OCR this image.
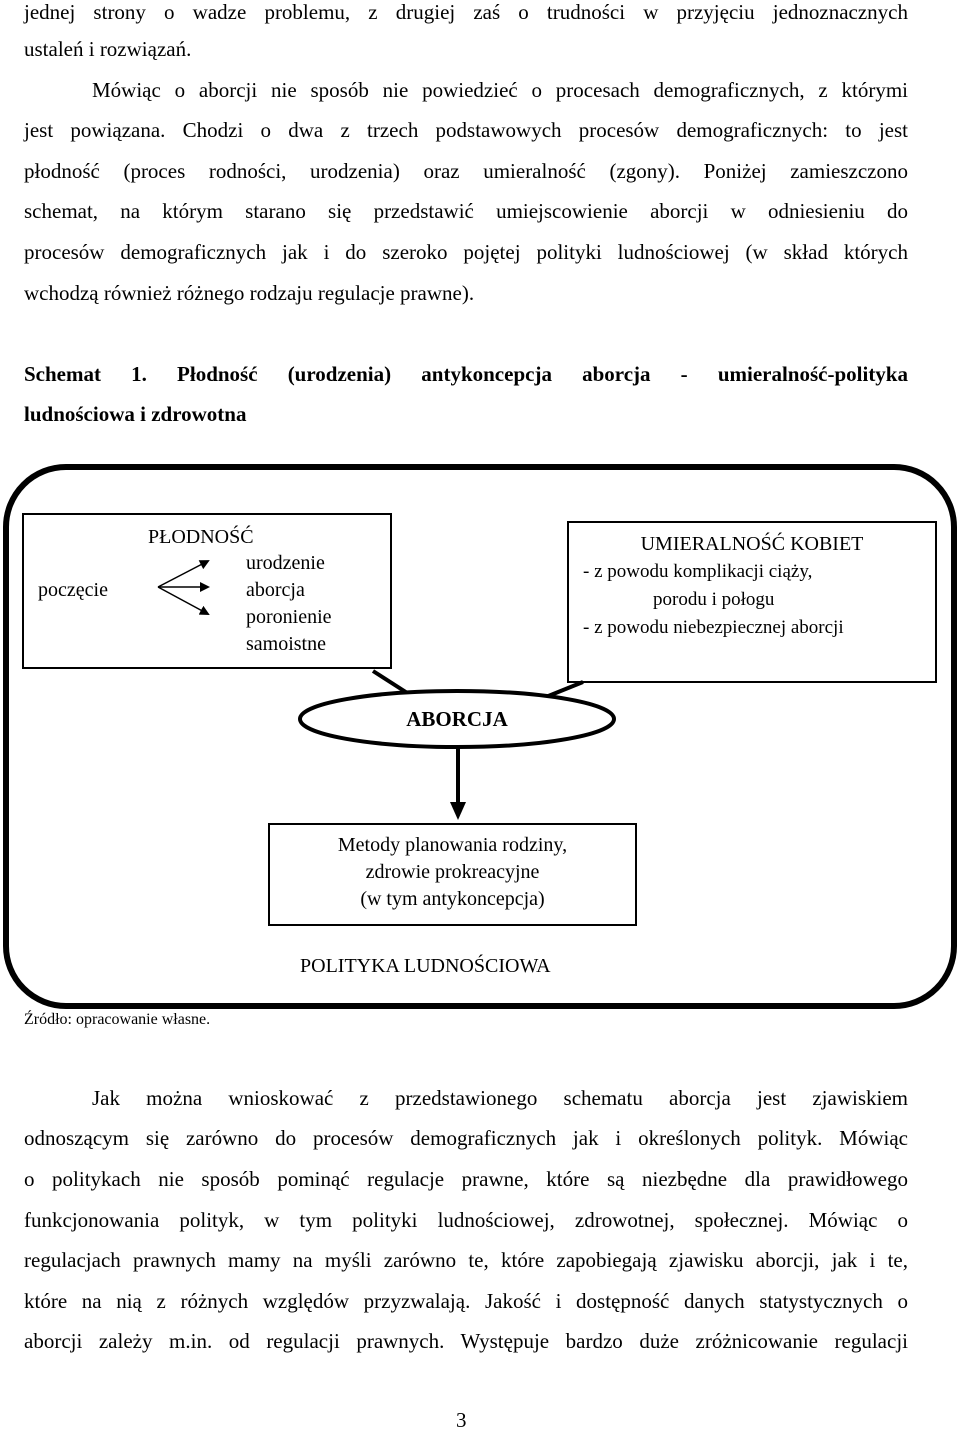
jednej strony o wadze problemu, z drugiej zaś o trudności w przyjęciu jednoznacznych
ustaleń i rozwiązań.
Mówiąc o aborcji nie sposób nie powiedzieć o procesach demograficznych, z którymi
jest powiązana. Chodzi o dwa z trzech podstawowych procesów demograficznych: to jest
płodność (proces rodności, urodzenia) oraz umieralność (zgony). Poniżej zamieszczono
schemat, na którym starano się przedstawić umiejscowienie aborcji w odniesieniu do
procesów demograficznych jak i do szeroko pojętej polityki ludnościowej (w skład których
wchodzą również różnego rodzaju regulacje prawne).
Schemat 1. Płodność (urodzenia) antykoncepcja aborcja - umieralność-polityka
ludnościowa i zdrowotna
PŁODNOŚĆ
poczęcie
urodzenie
aborcja
poronienie
samoistne
UMIERALNOŚĆ KOBIET
- z powodu komplikacji ciąży,
porodu i połogu
- z powodu niebezpiecznej aborcji
ABORCJA
Metody planowania rodziny,
zdrowie prokreacyjne
(w tym antykoncepcja)
POLITYKA LUDNOŚCIOWA
Źródło: opracowanie własne.
Jak można wnioskować z przedstawionego schematu aborcja jest zjawiskiem
odnoszącym się zarówno do procesów demograficznych jak i określonych polityk. Mówiąc
o politykach nie sposób pominąć regulacje prawne, które są niezbędne dla prawidłowego
funkcjonowania polityk, w tym polityki ludnościowej, zdrowotnej, społecznej. Mówiąc o
regulacjach prawnych mamy na myśli zarówno te, które zapobiegają zjawisku aborcji, jak i te,
które na nią z różnych względów przyzwalają. Jakość i dostępność danych statystycznych o
aborcji zależy m.in. od regulacji prawnych. Występuje bardzo duże zróżnicowanie regulacji
3
